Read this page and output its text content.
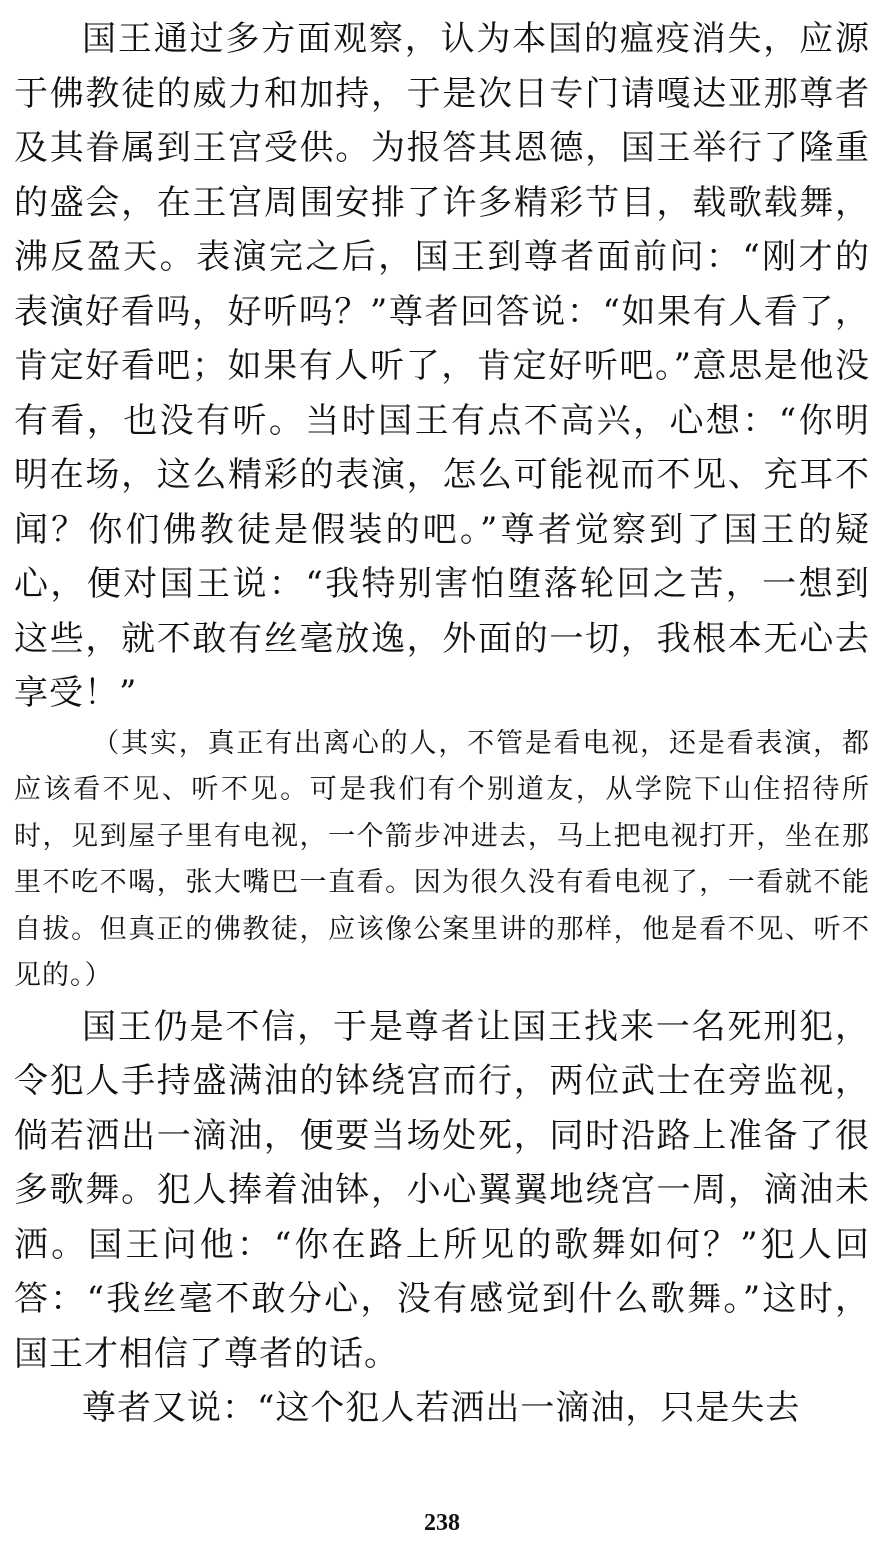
国王通过多方面观察，认为本国的瘟疫消失，应源于佛教徒的威力和加持，于是次日专门请嘎达亚那尊者及其眷属到王宫受供。为报答其恩德，国王举行了隆重的盛会，在王宫周围安排了许多精彩节目，载歌载舞，沸反盈天。表演完之后，国王到尊者面前问：“刚才的表演好看吗，好听吗？”尊者回答说：“如果有人看了，肯定好看吧；如果有人听了，肯定好听吧。”意思是他没有看，也没有听。当时国王有点不高兴，心想：“你明明在场，这么精彩的表演，怎么可能视而不见、充耳不闻？你们佛教徒是假装的吧。”尊者觉察到了国王的疑心，便对国王说：“我特别害怕堕落轮回之苦，一想到这些，就不敢有丝毫放逸，外面的一切，我根本无心去享受！”

（其实，真正有出离心的人，不管是看电视，还是看表演，都应该看不见、听不见。可是我们有个别道友，从学院下山住招待所时，见到屋子里有电视，一个箭步冲进去，马上把电视打开，坐在那里不吃不喝，张大嘴巴一直看。因为很久没有看电视了，一看就不能自拔。但真正的佛教徒，应该像公案里讲的那样，他是看不见、听不见的。）

国王仍是不信，于是尊者让国王找来一名死刑犯，令犯人手持盛满油的钵绕宫而行，两位武士在旁监视，倘若洒出一滴油，便要当场处死，同时沿路上准备了很多歌舞。犯人捧着油钵，小心翼翼地绕宫一周，滴油未洒。国王问他：“你在路上所见的歌舞如何？”犯人回答：“我丝毫不敢分心，没有感觉到什么歌舞。”这时，国王才相信了尊者的话。

尊者又说：“这个犯人若洒出一滴油，只是失去

238
